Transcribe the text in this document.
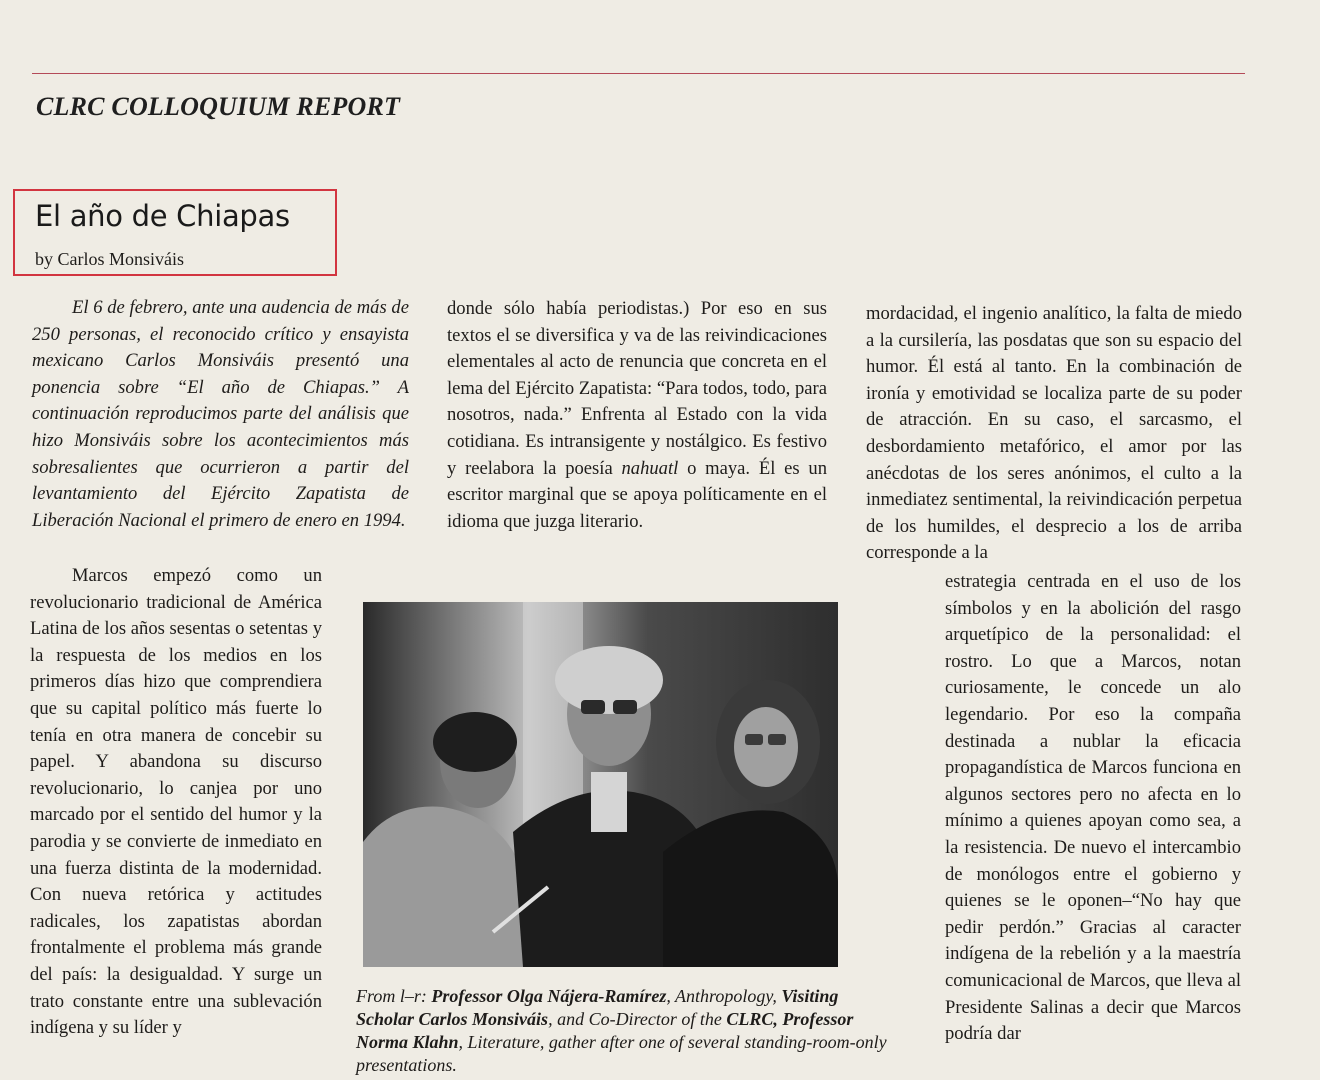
CLRC COLLOQUIUM REPORT
El año de Chiapas

by Carlos Monsiváis

El 6 de febrero, ante una audencia de más de 250 personas, el reconocido crítico y ensayista mexicano Carlos Monsiváis presentó una ponencia sobre “El año de Chiapas.” A continuación reproducimos parte del análisis que hizo Monsiváis sobre los acontecimientos más sobresalientes que ocurrieron a partir del levantamiento del Ejército Zapatista de Liberación Nacional el primero de enero en 1994.

Marcos empezó como un revolucionario tradicional de América Latina de los años sesentas o setentas y la respuesta de los medios en los primeros días hizo que comprendiera que su capital político más fuerte lo tenía en otra manera de concebir su papel. Y abandona su discurso revolucionario, lo canjea por uno marcado por el sentido del humor y la parodia y se convierte de inmediato en una fuerza distinta de la modernidad. Con nueva retórica y actitudes radicales, los zapatistas abordan frontalmente el problema más grande del país: la desigualdad. Y surge un trato constante entre una sublevación indígena y su líder y

donde sólo había periodistas.) Por eso en sus textos el se diversifica y va de las reivindicaciones elementales al acto de renuncia que concreta en el lema del Ejército Zapatista: “Para todos, todo, para nosotros, nada.” Enfrenta al Estado con la vida cotidiana. Es intransigente y nostálgico. Es festivo y reelabora la poesía nahuatl o maya. Él es un escritor marginal que se apoya políticamente en el idioma que juzga literario.

mordacidad, el ingenio analítico, la falta de miedo a la cursilería, las posdatas que son su espacio del humor. Él está al tanto. En la combinación de ironía y emotividad se localiza parte de su poder de atracción. En su caso, el sarcasmo, el desbordamiento metafórico, el amor por las anécdotas de los seres anónimos, el culto a la inmediatez sentimental, la reivindicación perpetua de los humildes, el desprecio a los de arriba corresponde a la

estrategia centrada en el uso de los símbolos y en la abolición del rasgo arquetípico de la personalidad: el rostro. Lo que a Marcos, notan curiosamente, le concede un alo legendario. Por eso la compaña destinada a nublar la eficacia propagandística de Marcos funciona en algunos sectores pero no afecta en lo mínimo a quienes apoyan como sea, a la resistencia. De nuevo el intercambio de monólogos entre el gobierno y quienes se le oponen–“No hay que pedir perdón.” Gracias al caracter indígena de la rebelión y a la maestría comunicacional de Marcos, que lleva al Presidente Salinas a decir que Marcos podría dar

From l–r: Professor Olga Nájera-Ramírez, Anthropology, Visiting Scholar Carlos Monsiváis, and Co-Director of the CLRC, Professor Norma Klahn, Literature, gather after one of several standing-room-only presentations.
